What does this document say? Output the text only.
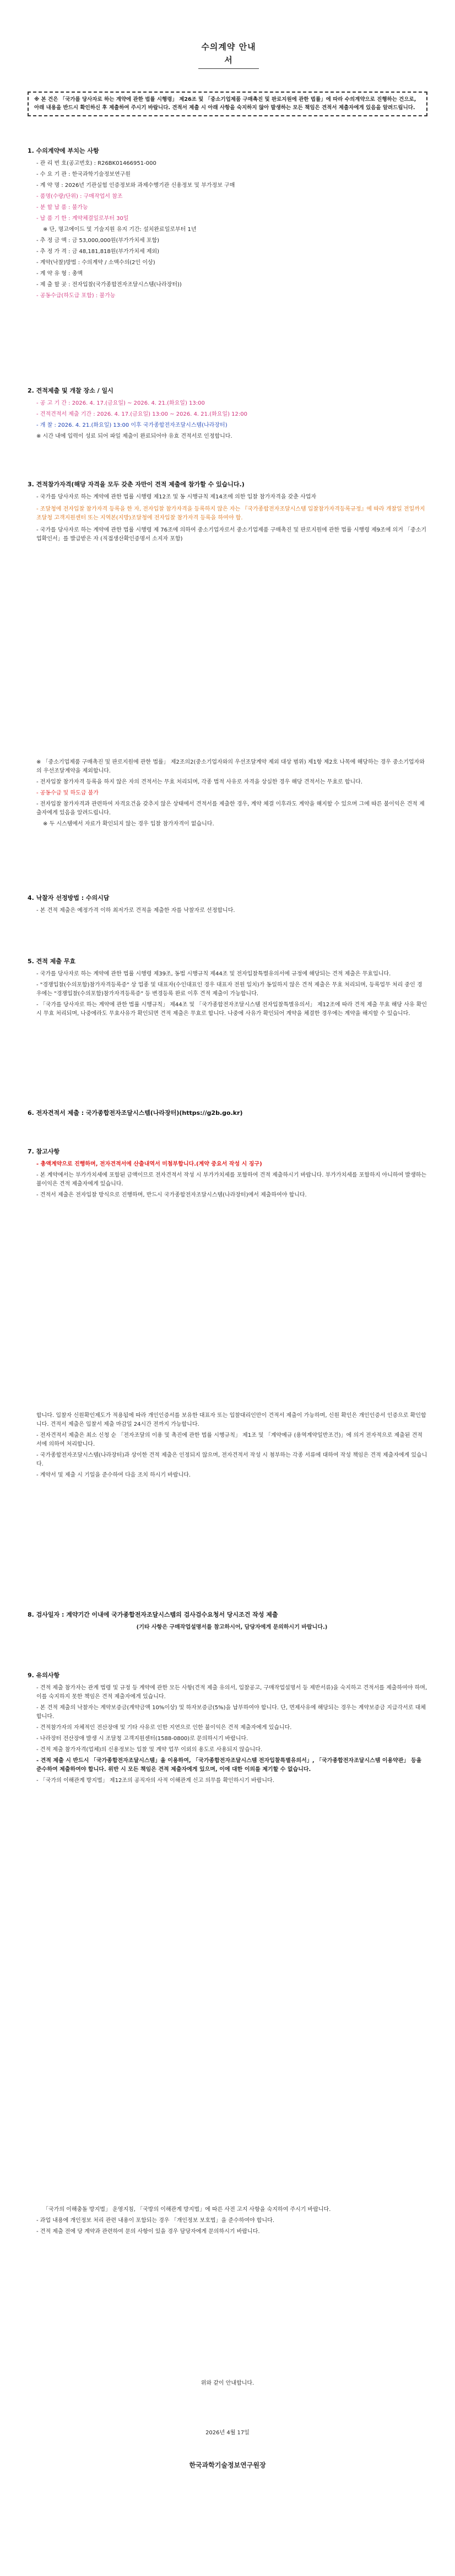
수의계약 안내서
※ 본 건은 「국가를 당사자로 하는 계약에 관한 법률 시행령」 제26조 및 「중소기업제품 구매촉진 및 판로지원에 관한 법률」에 따라 수의계약으로 진행하는 건으로, 아래 내용을 반드시 확인하신 후 제출하여 주시기 바랍니다. 견적서 제출 시 아래 사항을 숙지하지 않아 발생하는 모든 책임은 견적서 제출자에게 있음을 알려드립니다.
1. 수의계약에 부치는 사항

- 관 리 번 호(공고번호) : R26BK01466951-000

- 수 요 기 관 : 한국과학기술정보연구원

- 계 약 명 : 2026년 기관실험 인증정보와 과제수행기관 신용정보 및 부가정보 구매

- 품명(수량/단위) : 구매작업서 참조

- 분 할 납 품 : 불가능

- 납 품 기 한 : 계약체결일로부터 30일

※ 단, 명고에이드 및 기술지원 유지 기간: 설치완료일로부터 1년

- 추 정 금 액 : 금 53,000,000원(부가가치세 포함)

- 추 정 가 격 : 금 48,181,818원(부가가치세 제외)

- 계약(낙찰)방법 : 수의계약 / 소액수의(2인 이상)

- 계 약 유 형 : 총액

- 제 출 할 곳 : 전자입찰(국가종합전자조달시스템(나라장터))

- 공동수급(하도급 포함) : 불가능

2. 견적제출 및 개찰 장소 / 일시

- 공 고 기 간 : 2026. 4. 17.(금요일) ~ 2026. 4. 21.(화요일) 13:00

- 견적견적서 제출 기간 : 2026. 4. 17.(금요일) 13:00 ~ 2026. 4. 21.(화요일) 12:00

- 개 찰 : 2026. 4. 21.(화요일) 13:00 이후 국가종합전자조달시스템(나라장터)

※ 시간 내에 입력이 성료 되어 파일 제출이 완료되어야 유효 견적서로 인정합니다.

3. 견적참가자격(해당 자격을 모두 갖춘 자만이 견적 제출에 참가할 수 있습니다.)

- 국가를 당사자로 하는 계약에 관한 법률 시행령 제12조 및 동 시행규칙 제14조에 의한 입찰 참가자격을 갖춘 사업자

- 조달청에 전자입찰 참가자격 등록을 한 자, 전자입찰 참가자격을 등록하지 않은 자는 『국가종합전자조달시스템 입찰참가자격등록규정』에 따라 개찰일 전일까지 조달청 고객지원센터 또는 지역본(지방)조달청에 전자입찰 참가자격 등록을 하여야 함.

- 국가를 당사자로 하는 계약에 관한 법률 시행령 제 76조에 의하여 중소기업자로서 중소기업제품 구매촉진 및 판로지원에 관한 법률 시행령 제9조에 의거 「중소기업확인서」를 발급받은 자 (직접생산확인증명서 소지자 포함)

※ 「중소기업제품 구매촉진 및 판로지원에 관한 법률」 제2조의2(중소기업자와의 우선조달계약 제외 대상 범위) 제1항 제2호 나목에 해당하는 경우 중소기업자와의 우선조달계약을 제외합니다.

- 전자입찰 참가자격 등록을 하지 않은 자의 견적서는 무효 처리되며, 각종 법적 사유로 자격을 상실한 경우 해당 견적서는 무효로 합니다.

- 공동수급 및 하도급 불가

- 전자입찰 참가자격과 관련하여 자격요건을 갖추지 않은 상태에서 견적서를 제출한 경우, 계약 체결 이후라도 계약을 해지할 수 있으며 그에 따른 불이익은 견적 제출자에게 있음을 알려드립니다.

※ 두 시스템에서 자료가 확인되지 않는 경우 입찰 참가자격이 없습니다.

4. 낙찰자 선정방법 : 수의시담

- 본 견적 제출은 예정가격 이하 최저가로 견적을 제출한 자를 낙찰자로 선정합니다.

5. 견적 제출 무효

- 국가를 당사자로 하는 계약에 관한 법률 시행령 제39조, 동법 시행규칙 제44조 및 전자입찰특별유의서에 규정에 해당되는 견적 제출은 무효입니다.

- "경쟁입찰(수의포함)참가자격등록증" 상 업종 및 대표자(수인대표인 경우 대표자 전원 일치)가 동일하지 않은 견적 제출은 무효 처리되며, 등록업무 처리 중인 경우에는 "경쟁입찰(수의포함)참가자격등록증" 등 변경등록 완료 이후 견적 제출이 가능합니다.

- 「국가를 당사자로 하는 계약에 관한 법률 시행규칙」 제44조 및 「국가종합전자조달시스템 전자입찰특별유의서」 제12조에 따라 견적 제출 무효 해당 사유 확인 시 무효 처리되며, 나중에라도 무효사유가 확인되면 견적 제출은 무효로 합니다. 나중에 사유가 확인되어 계약을 체결한 경우에는 계약을 해지할 수 있습니다.

6. 전자견적서 제출 : 국가종합전자조달시스템(나라장터)(https://g2b.go.kr)
7. 참고사항

- 총액계약으로 진행하며, 전자견적서에 산출내역서 미첨부합니다.(계약 중요서 작성 시 징구)

- 본 계약에서는 부가가치세에 포함된 금액이므로 전자견적서 작성 시 부가가치세를 포함하여 견적 제출하시기 바랍니다. 부가가치세를 포함하지 아니하여 발생하는 불이익은 견적 제출자에게 있습니다.

- 견적서 제출은 전자입찰 방식으로 진행하며, 반드시 국가종합전자조달시스템(나라장터)에서 제출하여야 합니다.

합니다. 입찰자 신원확인제도가 적용됨에 따라 개인인증서를 보유한 대표자 또는 입찰대리인만이 견적서 제출이 가능하며, 신원 확인은 개인인증서 인증으로 확인합니다. 견적서 제출은 입찰서 제출 마감일 24시간 전까지 가능합니다.

- 전자견적서 제출은 최소 신청 순 「전자조달의 이용 및 촉진에 관한 법률 시행규칙」 제1조 및 「계약예규 (용역계약일반조건)」에 의거 전자적으로 제출된 견적서에 의하여 처리합니다.

- 국가종합전자조달시스템(나라장터)과 상이한 견적 제출은 인정되지 않으며, 전자견적서 작성 시 첨부하는 각종 서류에 대하여 작성 책임은 견적 제출자에게 있습니다.

- 계약서 및 제출 시 기일을 준수하여 다음 조치 하시기 바랍니다.

8. 검사일자 : 계약기간 이내에 국가종합전자조달시스템의 검사검수요청서 당시조건 작성 제출

(기타 사항은 구매작업설명서를 참고하시어, 담당자에게 문의하시기 바랍니다.)

9. 유의사항

- 견적 제출 참가자는 관계 법령 및 규정 등 계약에 관한 모든 사항(견적 제출 유의서, 입찰공고, 구매작업설명서 등 제반서류)을 숙지하고 견적서를 제출하여야 하며, 이를 숙지하지 못한 책임은 견적 제출자에게 있습니다.

- 본 견적 제출의 낙찰자는 계약보증금(계약금액 10%이상) 및 하자보증금(5%)을 납부하여야 합니다. 단, 면제사유에 해당되는 경우는 계약보증금 지급각서로 대체합니다.

- 견적참가자의 자체적인 전산장애 및 기타 사유로 인한 지연으로 인한 불이익은 견적 제출자에게 있습니다.

- 나라장터 전산장애 발생 시 조달청 고객지원센터(1588-0800)로 문의하시기 바랍니다.

- 견적 제출 참가자격(업체)의 신용정보는 입찰 및 계약 업무 이외의 용도로 사용되지 않습니다.

- 견적 제출 시 반드시 「국가종합전자조달시스템」을 이용하여, 「국가종합전자조달시스템 전자입찰특별유의서」, 「국가종합전자조달시스템 이용약관」 등을 준수하여 제출하여야 합니다. 위반 시 모든 책임은 견적 제출자에게 있으며, 이에 대한 이의를 제기할 수 없습니다.

- 「국가의 이해관계 방지법」 제12조의 공직자의 사적 이해관계 신고 의무를 확인하시기 바랍니다.

「국가의 이해충돌 방지법」 운영지침, 「국방의 이해관계 방지법」에 따른 사전 고지 사항을 숙지하여 주시기 바랍니다.

- 과업 내용에 개인정보 처리 관련 내용이 포함되는 경우 「개인정보 보호법」을 준수하여야 합니다.

- 견적 제출 전에 당 계약과 관련하여 문의 사항이 있을 경우 담당자에게 문의하시기 바랍니다.

위와 같이 안내합니다.
2026년 4월 17일
한국과학기술정보연구원장
